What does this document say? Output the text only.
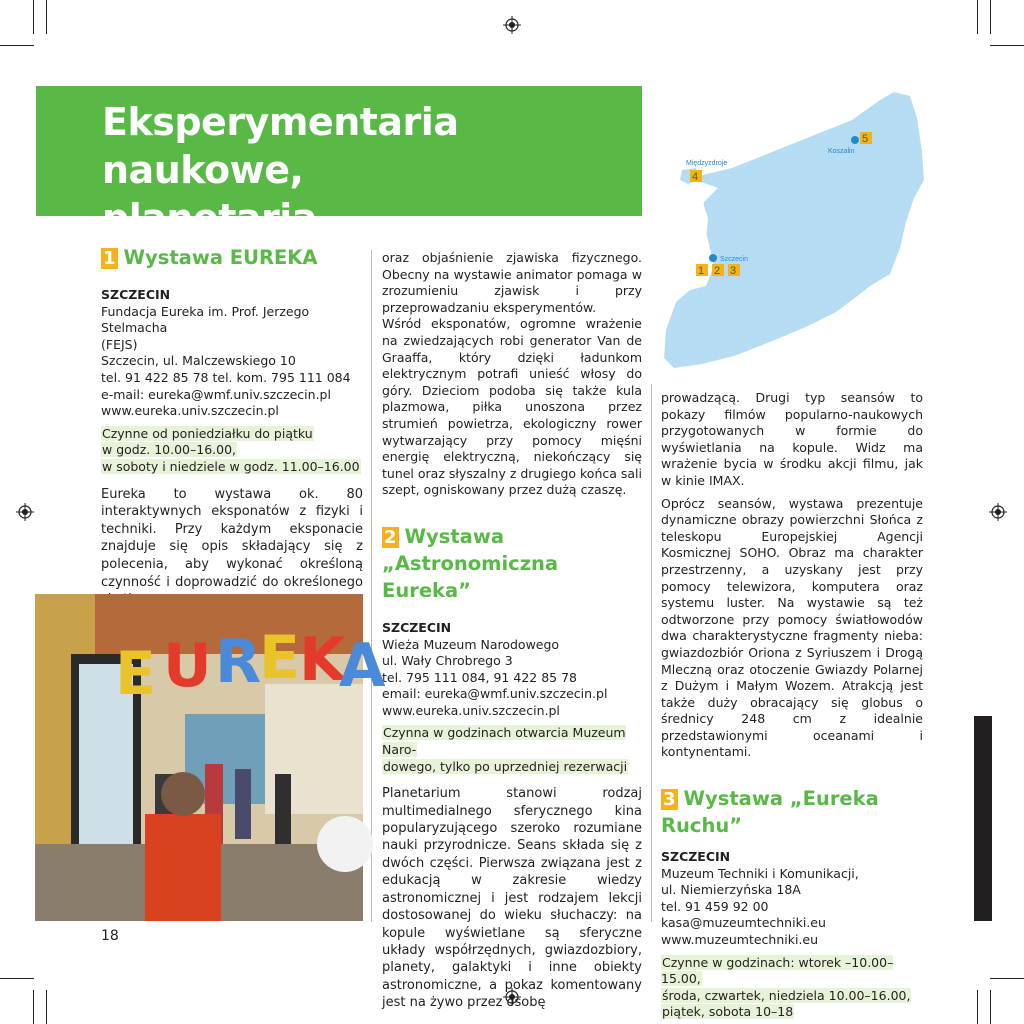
Eksperymentaria naukowe,
planetaria
Szczecin
Międzyzdroje
Koszalin
1 2 3
4
5
1 Wystawa EUREKA
SZCZECIN
Fundacja Eureka im. Prof. Jerzego Stelmacha
(FEJS)
Szczecin, ul. Malczewskiego 10
tel. 91 422 85 78 tel. kom. 795 111 084
e-mail: eureka@wmf.univ.szczecin.pl
www.eureka.univ.szczecin.pl
Czynne od poniedziałku do piątku
w godz. 10.00–16.00,
w soboty i niedziele w godz. 11.00–16.00

Eureka to wystawa ok. 80 interaktywnych eksponatów z fizyki i techniki. Przy każdym eksponacie znajduje się opis składający się z polecenia, aby wykonać określoną czynność i doprowadzić do określonego

E U R
E K
A

oraz objaśnienie zjawiska fizycznego. Obecny na wystawie animator pomaga w zrozumieniu zjawisk i przy przeprowadzaniu eksperymentów.

Wśród eksponatów, ogromne wrażenie na zwiedzających robi generator Van de Graaffa, który dzięki ładunkom elektrycznym potrafi unieść włosy do góry. Dzieciom podoba się także kula plazmowa, piłka unoszona przez strumień powietrza, ekologiczny rower wytwarzający przy pomocy mięśni energię elektryczną, niekończący się tunel oraz słyszalny z drugiego końca sali szept, ogniskowany przez dużą czaszę.

2 Wystawa
„Astronomiczna Eureka”
SZCZECIN
Wieża Muzeum Narodowego
ul. Wały Chrobrego 3
tel. 795 111 084, 91 422 85 78
email: eureka@wmf.univ.szczecin.pl
www.eureka.univ.szczecin.pl
Czynna w godzinach otwarcia Muzeum Naro-
dowego, tylko po uprzedniej rezerwacji

Planetarium stanowi rodzaj multimedialnego sferycznego kina popularyzującego szeroko rozumiane nauki przyrodnicze. Seans składa się z dwóch części. Pierwsza związana jest z edukacją w zakresie wiedzy astronomicznej i jest rodzajem lekcji dostosowanej do wieku słuchaczy: na kopule wyświetlane są sferyczne układy współrzędnych, gwiazdozbiory, planety, galaktyki i inne obiekty astronomiczne, a pokaz komentowany jest na żywo przez osobę

prowadzącą. Drugi typ seansów to pokazy filmów popularno-naukowych przygotowanych w formie do wyświetlania na kopule. Widz ma wrażenie bycia w środku akcji filmu, jak w kinie IMAX.

Oprócz seansów, wystawa prezentuje dynamiczne obrazy powierzchni Słońca z teleskopu Europejskiej Agencji Kosmicznej SOHO. Obraz ma charakter przestrzenny, a uzyskany jest przy pomocy telewizora, komputera oraz systemu luster. Na wystawie są też odtworzone przy pomocy światłowodów dwa charakterystyczne fragmenty nieba: gwiazdozbiór Oriona z Syriuszem i Drogą Mleczną oraz otoczenie Gwiazdy Polarnej z Dużym i Małym Wozem. Atrakcją jest także duży obracający się globus o średnicy 248 cm z idealnie przedstawionymi oceanami i kontynentami.

3 Wystawa „Eureka Ruchu”
SZCZECIN
Muzeum Techniki i Komunikacji,
ul. Niemierzyńska 18A
tel. 91 459 92 00
kasa@muzeumtechniki.eu
www.muzeumtechniki.eu
Czynne w godzinach: wtorek –10.00–15.00,
środa, czwartek, niedziela 10.00–16.00,
piątek, sobota 10–18
18
